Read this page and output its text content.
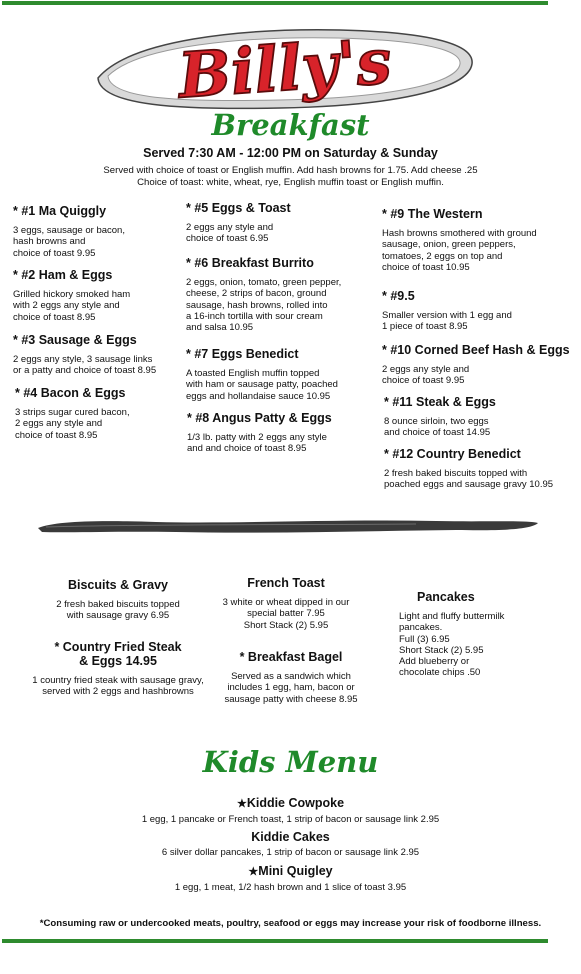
Billy's
Breakfast
Served 7:30 AM - 12:00 PM on Saturday & Sunday
Served with choice of toast or English muffin. Add hash browns for 1.75. Add cheese .25
Choice of toast: white, wheat, rye, English muffin toast or English muffin.
* #1 Ma Quiggly
3 eggs, sausage or bacon,
hash browns and
choice of toast 9.95
* #2 Ham & Eggs
Grilled hickory smoked ham
with 2 eggs any style and
choice of toast 8.95
* #3 Sausage & Eggs
2 eggs any style, 3 sausage links
or a patty and choice of toast 8.95
* #4 Bacon & Eggs
3 strips sugar cured bacon,
2 eggs any style and
choice of toast 8.95
* #5 Eggs & Toast
2 eggs any style and
choice of toast 6.95
* #6 Breakfast Burrito
2 eggs, onion, tomato, green pepper,
cheese, 2 strips of bacon, ground
sausage, hash browns, rolled into
a 16-inch tortilla with sour cream
and salsa 10.95
* #7 Eggs Benedict
A toasted English muffin topped
with ham or sausage patty, poached
eggs and hollandaise sauce 10.95
* #8 Angus Patty & Eggs
1/3 lb. patty with 2 eggs any style
and and choice of toast 8.95
* #9 The Western
Hash browns smothered with ground
sausage, onion, green peppers,
tomatoes, 2 eggs on top and
choice of toast 10.95
* #9.5
Smaller version with 1 egg and
1 piece of toast 8.95
* #10 Corned Beef Hash & Eggs
2 eggs any style and
choice of toast 9.95
* #11 Steak & Eggs
8 ounce sirloin, two eggs
and choice of toast 14.95
* #12 Country Benedict
2 fresh baked biscuits topped with
poached eggs and sausage gravy 10.95
Biscuits & Gravy
2 fresh baked biscuits topped
with sausage gravy 6.95
* Country Fried Steak
& Eggs 14.95
1 country fried steak with sausage gravy,
served with 2 eggs and hashbrowns
French Toast
3 white or wheat dipped in our
special batter 7.95
Short Stack (2) 5.95
* Breakfast Bagel
Served as a sandwich which
includes 1 egg, ham, bacon or
sausage patty with cheese 8.95
Pancakes
Light and fluffy buttermilk
pancakes.
Full (3) 6.95
Short Stack (2) 5.95
Add blueberry or
chocolate chips .50
Kids Menu
★Kiddie Cowpoke
1 egg, 1 pancake or French toast, 1 strip of bacon or sausage link 2.95
Kiddie Cakes
6 silver dollar pancakes, 1 strip of bacon or sausage link 2.95
★Mini Quigley
1 egg, 1 meat, 1/2 hash brown and 1 slice of toast 3.95
*Consuming raw or undercooked meats, poultry, seafood or eggs may increase your risk of foodborne illness.
